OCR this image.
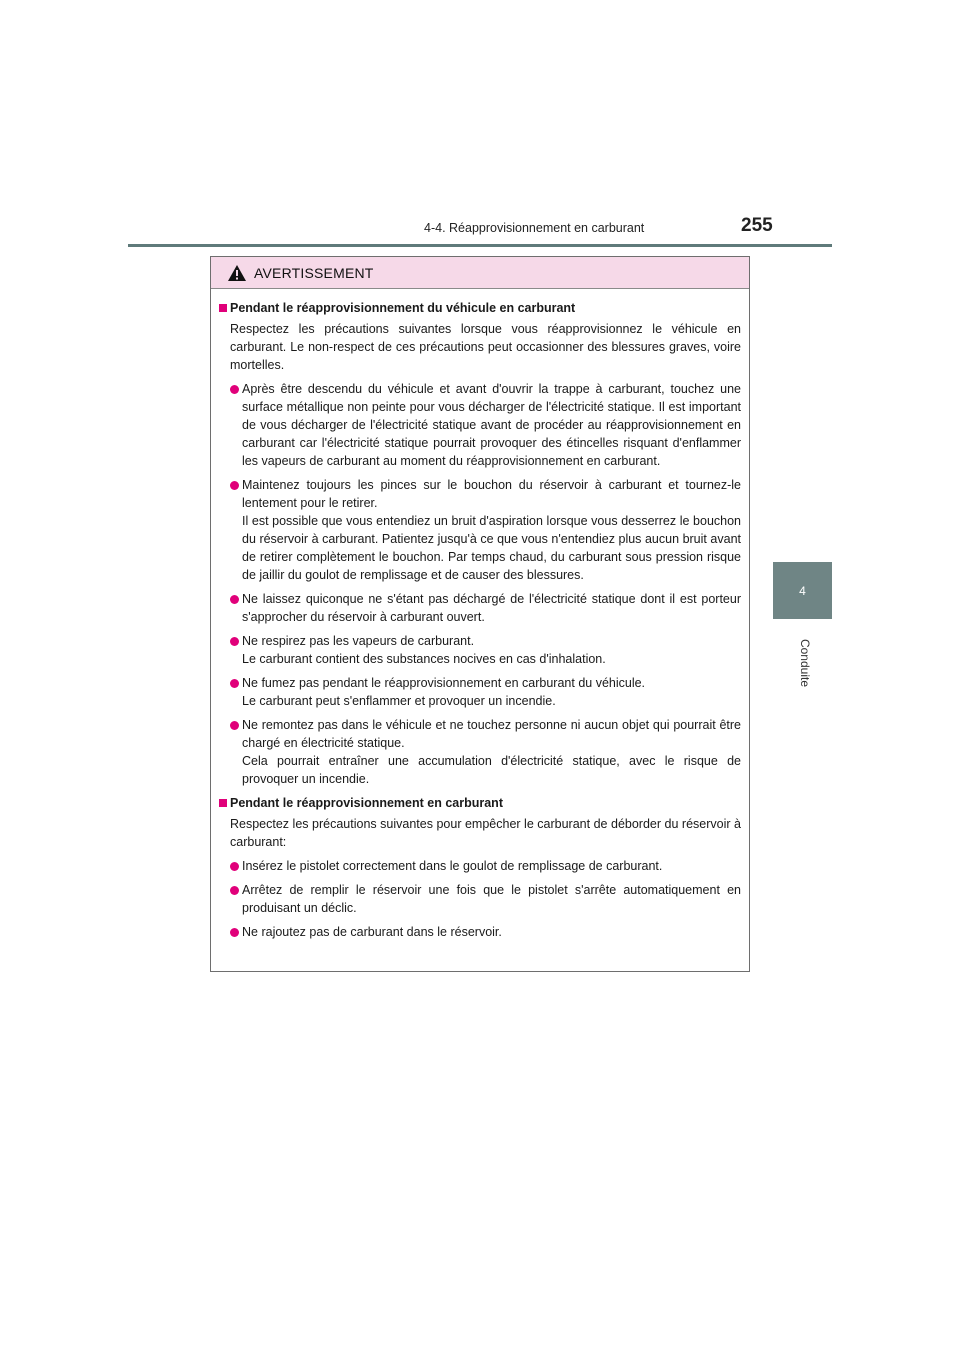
4-4. Réapprovisionnement en carburant	255
4
Conduite
AVERTISSEMENT
Pendant le réapprovisionnement du véhicule en carburant
Respectez les précautions suivantes lorsque vous réapprovisionnez le véhicule en carburant. Le non-respect de ces précautions peut occasionner des blessures graves, voire mortelles.

Après être descendu du véhicule et avant d'ouvrir la trappe à carburant, touchez une surface métallique non peinte pour vous décharger de l'électricité statique. Il est important de vous décharger de l'électricité statique avant de procéder au réapprovisionnement en carburant car l'électricité statique pourrait provoquer des étincelles risquant d'enflammer les vapeurs de carburant au moment du réapprovisionnement en carburant.

Maintenez toujours les pinces sur le bouchon du réservoir à carburant et tournez-le lentement pour le retirer.

Il est possible que vous entendiez un bruit d'aspiration lorsque vous desserrez le bouchon du réservoir à carburant. Patientez jusqu'à ce que vous n'entendiez plus aucun bruit avant de retirer complètement le bouchon. Par temps chaud, du carburant sous pression risque de jaillir du goulot de remplissage et de causer des blessures.

Ne laissez quiconque ne s'étant pas déchargé de l'électricité statique dont il est porteur s'approcher du réservoir à carburant ouvert.

Ne respirez pas les vapeurs de carburant.

Le carburant contient des substances nocives en cas d'inhalation.

Ne fumez pas pendant le réapprovisionnement en carburant du véhicule.

Le carburant peut s'enflammer et provoquer un incendie.

Ne remontez pas dans le véhicule et ne touchez personne ni aucun objet qui pourrait être chargé en électricité statique.

Cela pourrait entraîner une accumulation d'électricité statique, avec le risque de provoquer un incendie.

Pendant le réapprovisionnement en carburant
Respectez les précautions suivantes pour empêcher le carburant de déborder du réservoir à carburant:

Insérez le pistolet correctement dans le goulot de remplissage de carburant.

Arrêtez de remplir le réservoir une fois que le pistolet s'arrête automatiquement en produisant un déclic.

Ne rajoutez pas de carburant dans le réservoir.
